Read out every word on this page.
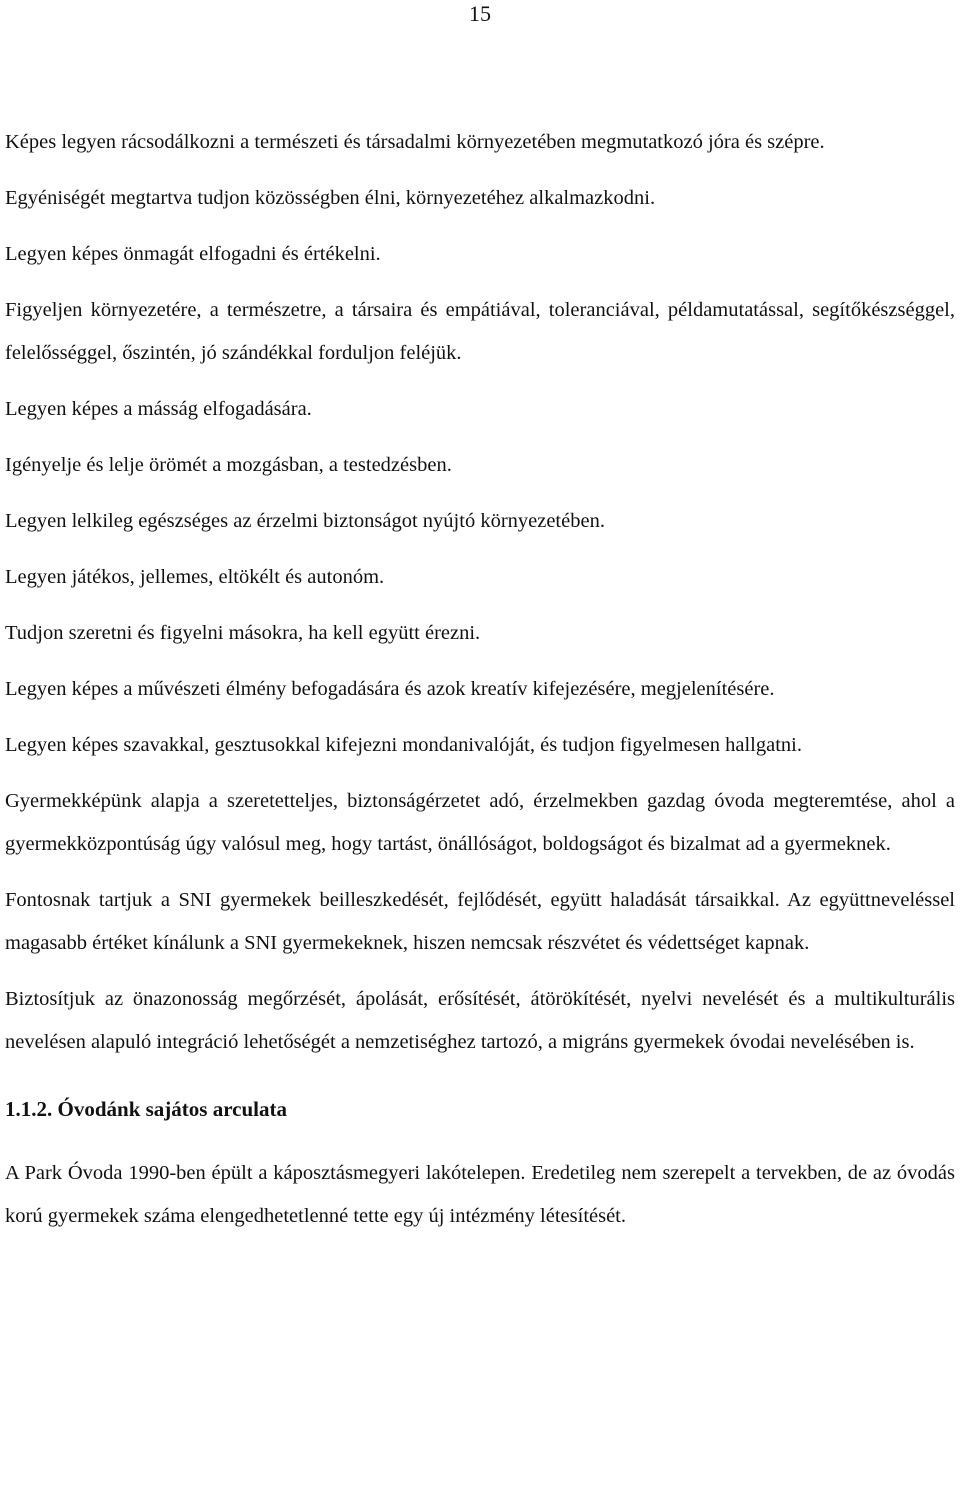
15

Képes legyen rácsodálkozni a természeti és társadalmi környezetében megmutatkozó jóra és szépre.

Egyéniségét megtartva tudjon közösségben élni, környezetéhez alkalmazkodni.

Legyen képes önmagát elfogadni és értékelni.

Figyeljen környezetére, a természetre, a társaira és empátiával, toleranciával, példamutatással, segítőkészséggel, felelősséggel, őszintén, jó szándékkal forduljon feléjük.

Legyen képes a másság elfogadására.

Igényelje és lelje örömét a mozgásban, a testedzésben.

Legyen lelkileg egészséges az érzelmi biztonságot nyújtó környezetében.

Legyen játékos, jellemes, eltökélt és autonóm.

Tudjon szeretni és figyelni másokra, ha kell együtt érezni.

Legyen képes a művészeti élmény befogadására és azok kreatív kifejezésére, megjelenítésére.

Legyen képes szavakkal, gesztusokkal kifejezni mondanivalóját, és tudjon figyelmesen hallgatni.

Gyermekképünk alapja a szeretetteljes, biztonságérzetet adó, érzelmekben gazdag óvoda megteremtése, ahol a gyermekközpontúság úgy valósul meg, hogy tartást, önállóságot, boldogságot és bizalmat ad a gyermeknek.

Fontosnak tartjuk a SNI gyermekek beilleszkedését, fejlődését, együtt haladását társaikkal. Az együttneveléssel magasabb értéket kínálunk a SNI gyermekeknek, hiszen nemcsak részvétet és védettséget kapnak.

Biztosítjuk az önazonosság megőrzését, ápolását, erősítését, átörökítését, nyelvi nevelését és a multikulturális nevelésen alapuló integráció lehetőségét a nemzetiséghez tartozó, a migráns gyermekek óvodai nevelésében is.

1.1.2. Óvodánk sajátos arculata

A Park Óvoda 1990-ben épült a káposztásmegyeri lakótelepen. Eredetileg nem szerepelt a tervekben, de az óvodás korú gyermekek száma elengedhetetlenné tette egy új intézmény létesítését.
